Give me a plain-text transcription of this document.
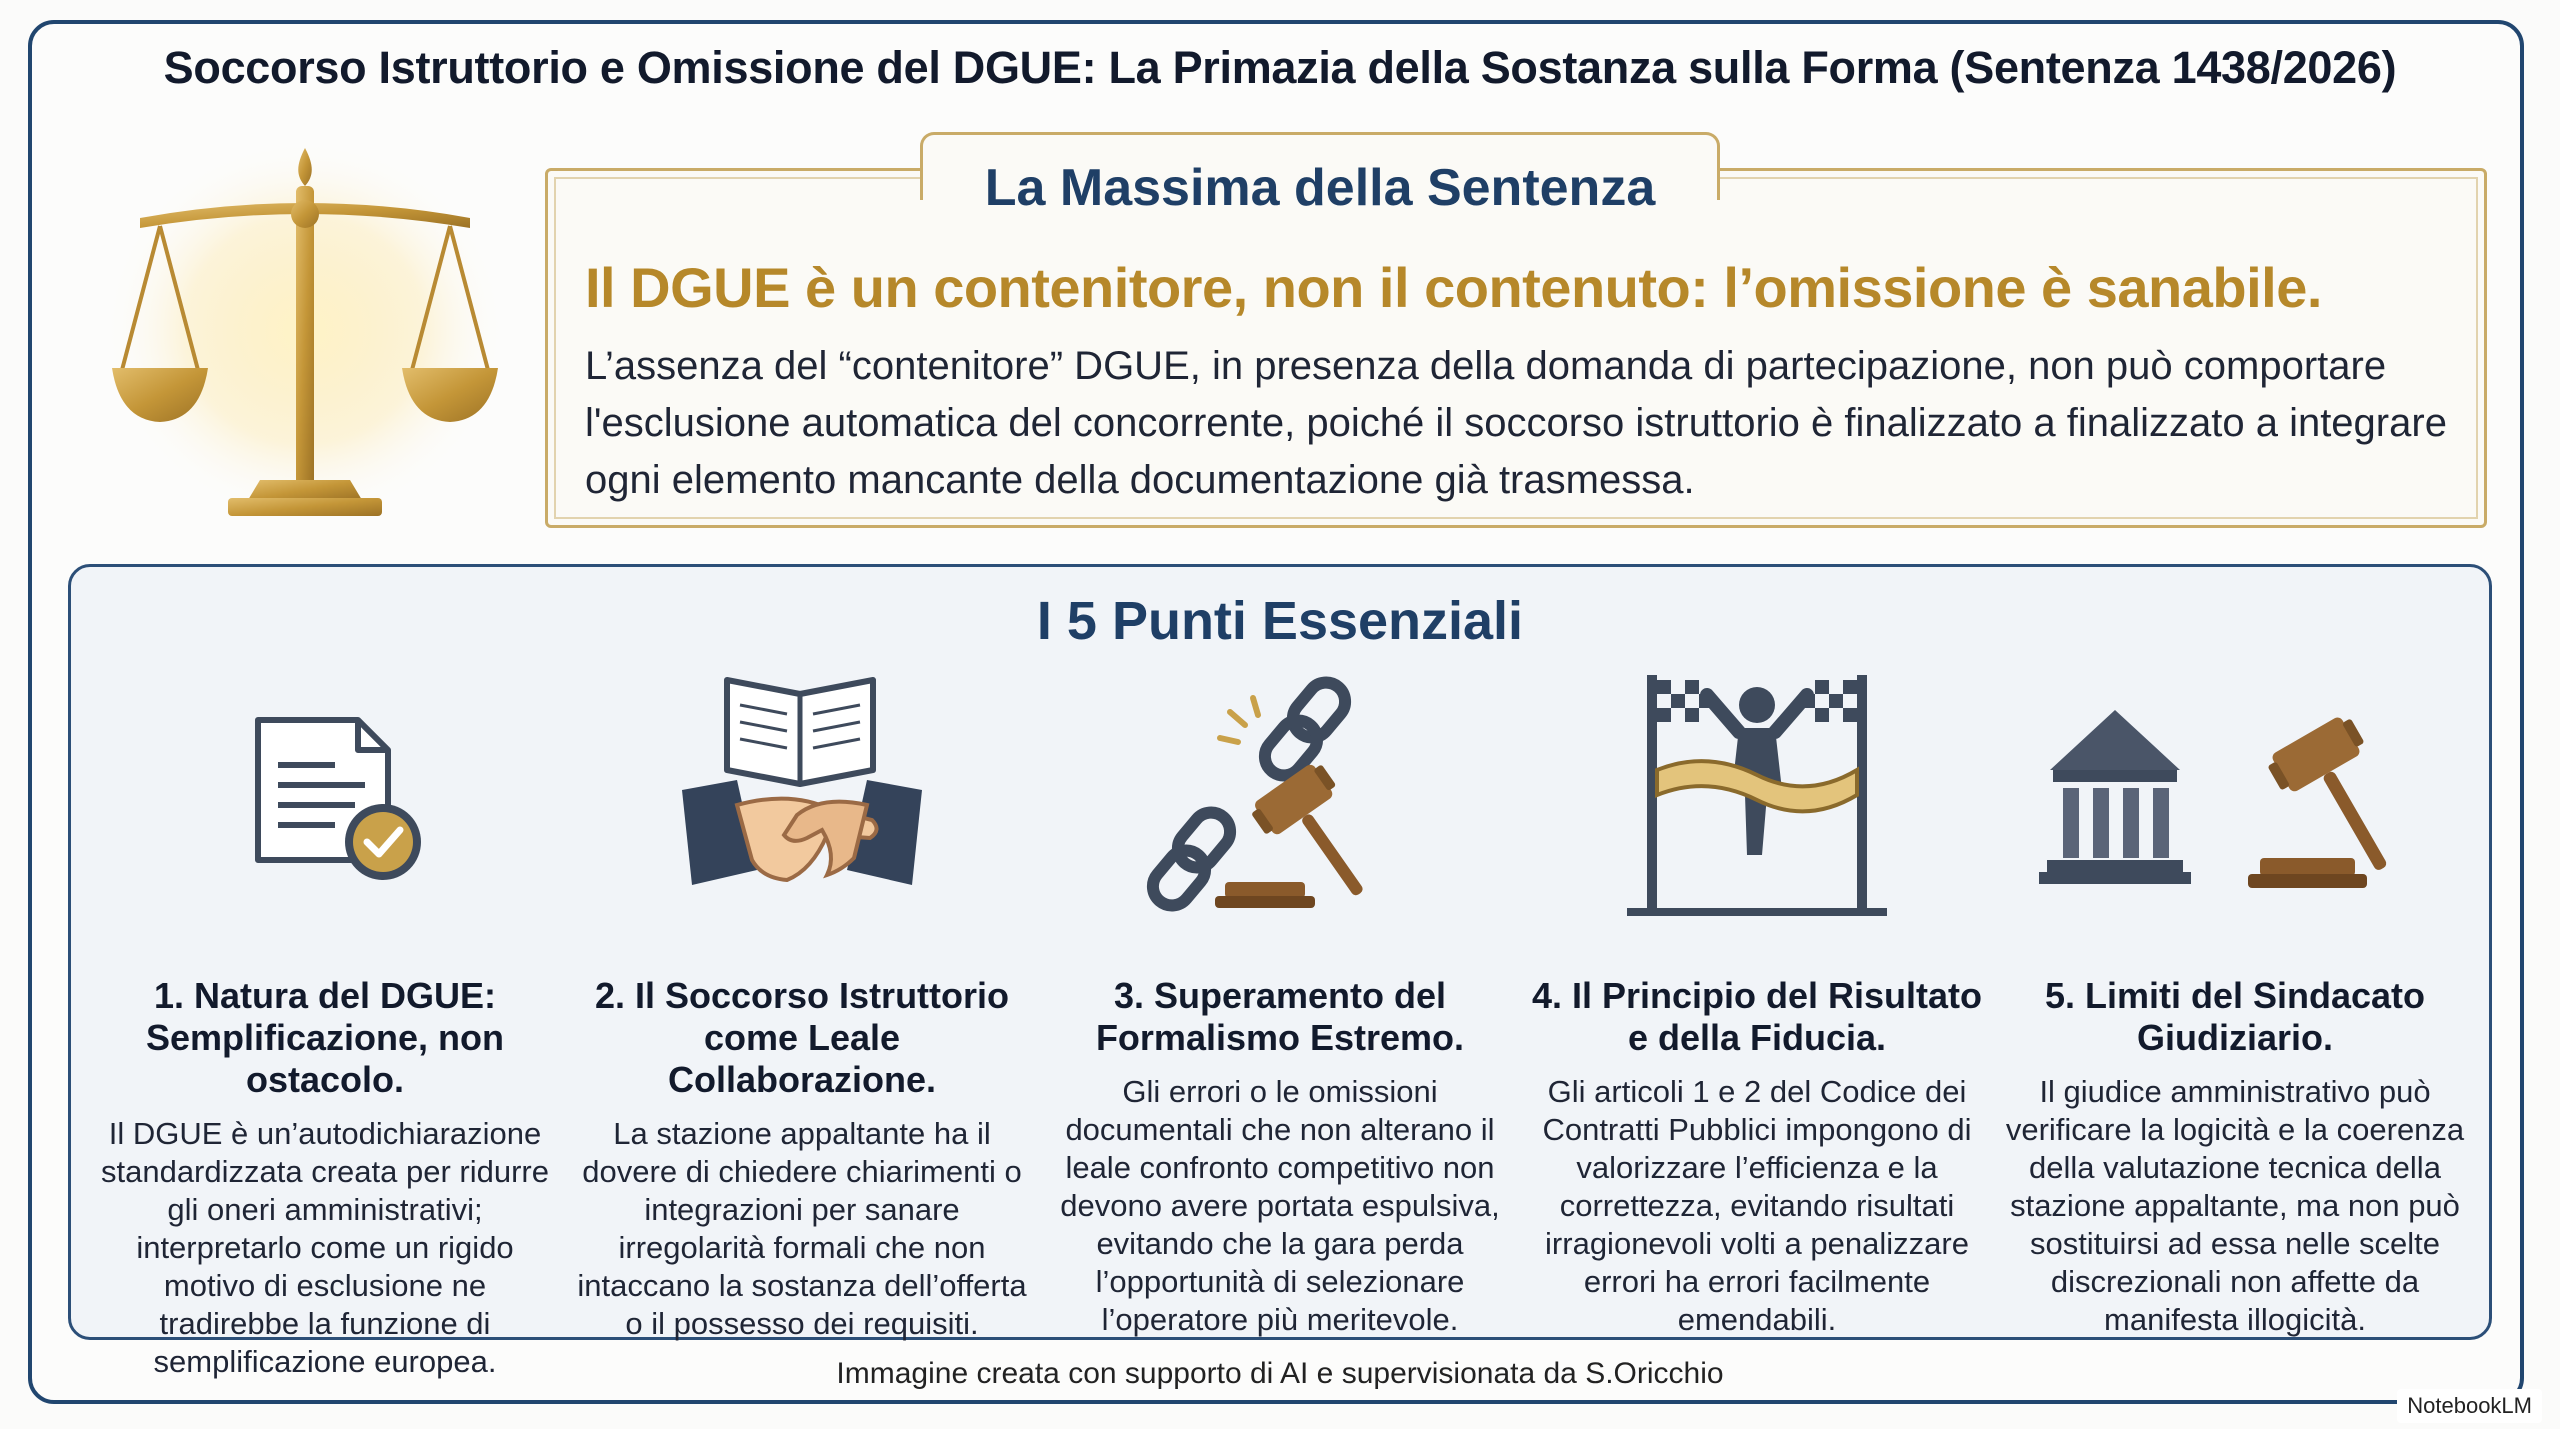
Soccorso Istruttorio e Omissione del DGUE: La Primazia della Sostanza sulla Forma (Sentenza 1438/2026)
La Massima della Sentenza
Il DGUE è un contenitore, non il contenuto: l’omissione è sanabile.
L’assenza del “contenitore” DGUE, in presenza della domanda di partecipazione, non può comportare l'esclusione automatica del concorrente, poiché il soccorso istruttorio è finalizzato a finalizzato a integrare ogni elemento mancante della documentazione già trasmessa.
I 5 Punti Essenziali
1. Natura del DGUE: Semplificazione, non ostacolo.
Il DGUE è un’autodichiarazione standardizzata creata per ridurre gli oneri amministrativi; interpretarlo come un rigido motivo di esclusione ne tradirebbe la funzione di semplificazione europea.
2. Il Soccorso Istruttorio come Leale Collaborazione.
La stazione appaltante ha il dovere di chiedere chiarimenti o integrazioni per sanare irregolarità formali che non intaccano la sostanza dell’offerta o il possesso dei requisiti.
3. Superamento del Formalismo Estremo.
Gli errori o le omissioni documentali che non alterano il leale confronto competitivo non devono avere portata espulsiva, evitando che la gara perda l’opportunità di selezionare l’operatore più meritevole.
4. Il Principio del Risultato e della Fiducia.
Gli articoli 1 e 2 del Codice dei Contratti Pubblici impongono di valorizzare l’efficienza e la correttezza, evitando risultati irragionevoli volti a penalizzare errori ha errori facilmente emendabili.
5. Limiti del Sindacato Giudiziario.
Il giudice amministrativo può verificare la logicità e la coerenza della valutazione tecnica della stazione appaltante, ma non può sostituirsi ad essa nelle scelte discrezionali non affette da manifesta illogicità.
Immagine creata con supporto di AI e supervisionata da S.Oricchio
NotebookLM
